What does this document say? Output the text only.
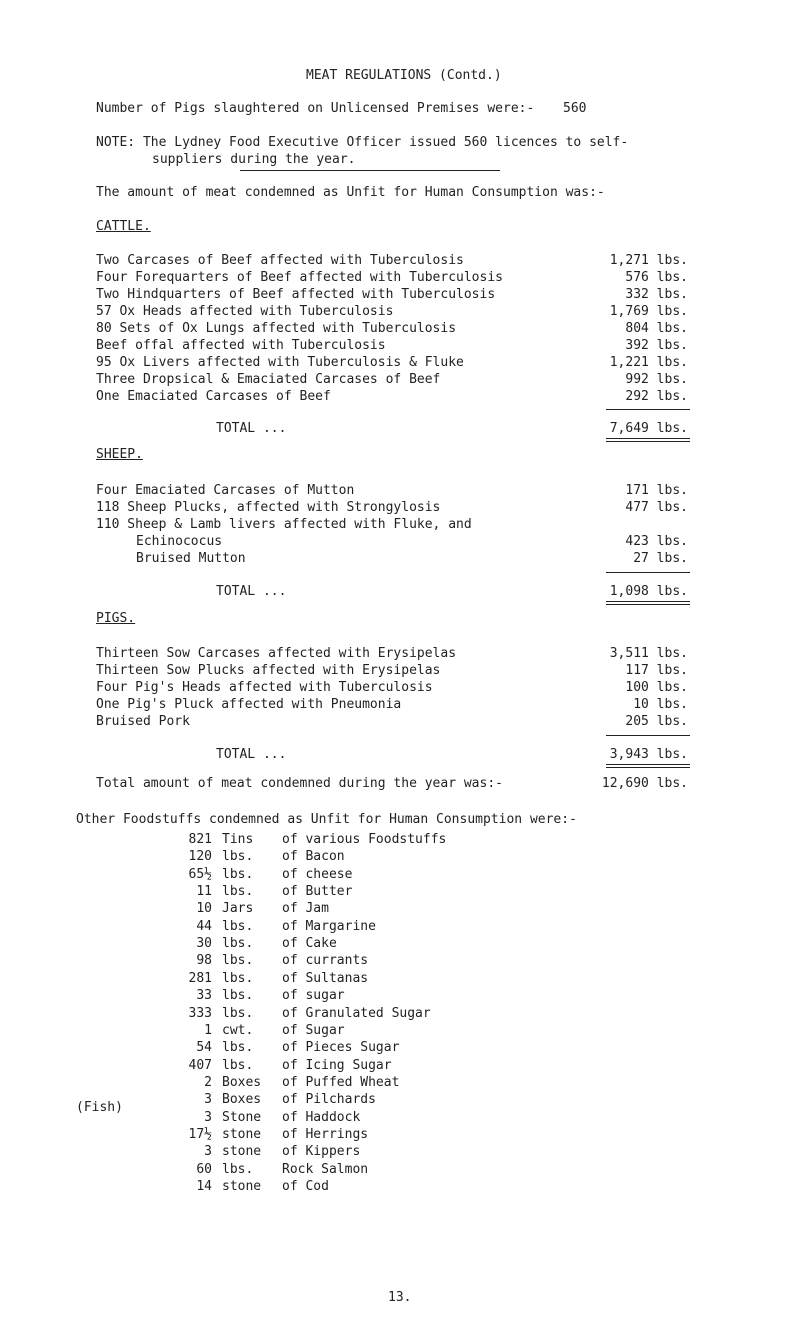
MEAT REGULATIONS (Contd.)
Number of Pigs slaughtered on Unlicensed Premises were:- 560
NOTE: The Lydney Food Executive Officer issued 560 licences to self-
suppliers during the year.
The amount of meat condemned as Unfit for Human Consumption was:-
CATTLE.
Two Carcases of Beef affected with Tuberculosis	1,271 lbs.
Four Forequarters of Beef affected with Tuberculosis	576 lbs.
Two Hindquarters of Beef affected with Tuberculosis	332 lbs.
57 Ox Heads affected with Tuberculosis	1,769 lbs.
80 Sets of Ox Lungs affected with Tuberculosis	804 lbs.
Beef offal affected with Tuberculosis	392 lbs.
95 Ox Livers affected with Tuberculosis & Fluke	1,221 lbs.
Three Dropsical & Emaciated Carcases of Beef	992 lbs.
One Emaciated Carcases of Beef	292 lbs.
TOTAL ...	7,649 lbs.
SHEEP.
Four Emaciated Carcases of Mutton	171 lbs.
118 Sheep Plucks, affected with Strongylosis	477 lbs.
110 Sheep & Lamb livers affected with Fluke, and
Echinococus	423 lbs.
Bruised Mutton	27 lbs.
TOTAL ...	1,098 lbs.
PIGS.
Thirteen Sow Carcases affected with Erysipelas	3,511 lbs.
Thirteen Sow Plucks affected with Erysipelas	117 lbs.
Four Pig's Heads affected with Tuberculosis	100 lbs.
One Pig's Pluck affected with Pneumonia	10 lbs.
Bruised Pork	205 lbs.
TOTAL ...	3,943 lbs.
Total amount of meat condemned during the year was:-	12,690 lbs.
Other Foodstuffs condemned as Unfit for Human Consumption were:-
821 Tins of various Foodstuffs
120 lbs. of Bacon
65½ lbs. of cheese
11 lbs. of Butter
10 Jars of Jam
44 lbs. of Margarine
30 lbs. of Cake
98 lbs. of currants
281 lbs. of Sultanas
33 lbs. of sugar
333 lbs. of Granulated Sugar
1 cwt. of Sugar
54 lbs. of Pieces Sugar
407 lbs. of Icing Sugar
2 Boxes of Puffed Wheat
3 Boxes of Pilchards
3 Stone of Haddock
17½ stone of Herrings
3 stone of Kippers
60 lbs. Rock Salmon
14 stone of Cod
(Fish)
13.
